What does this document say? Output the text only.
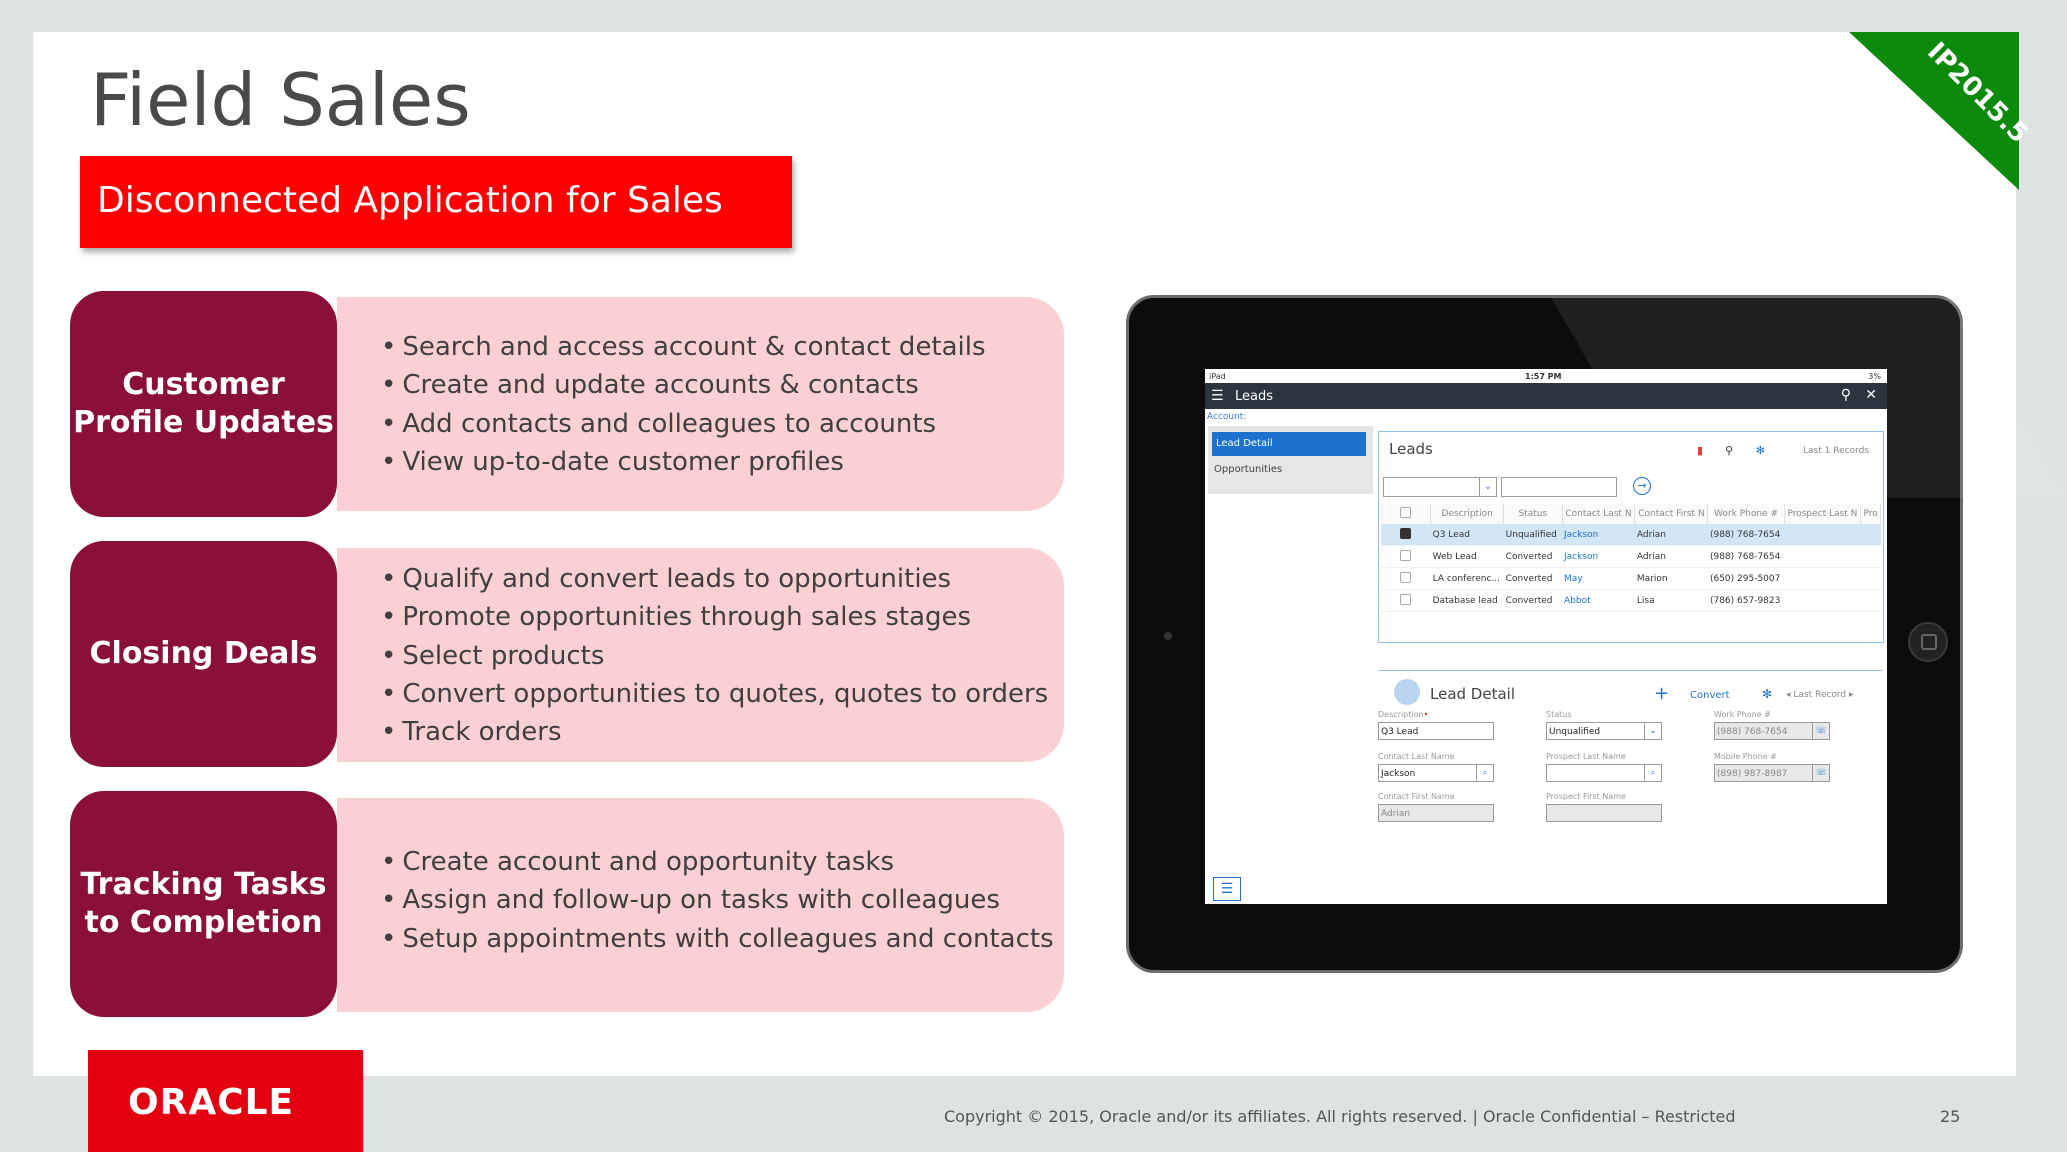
Field Sales
Disconnected Application for Sales
IP2015.5
• Search and access account & contact details
• Create and update accounts & contacts
• Add contacts and colleagues to accounts
• View up-to-date customer profiles
Customer
Profile Updates
• Qualify and convert leads to opportunities
• Promote opportunities through sales stages
• Select products
• Convert opportunities to quotes, quotes to orders
• Track orders
Closing Deals
• Create account and opportunity tasks
• Assign and follow-up on tasks with colleagues
• Setup appointments with colleagues and contacts
Tracking Tasks
to Completion
iPad	1:57 PM	3%
☰ Leads	⚲ ✕
Account:
Lead Detail
Opportunities
Leads	▮ ⚲ ✻	Last 1 Records
⌄	→
	Description	Status	Contact Last N	Contact First N	Work Phone #	Prospect Last N	Pro
	Q3 Lead	Unqualified	Jackson	Adrian	(988) 768-7654		
	Web Lead	Converted	Jackson	Adrian	(988) 768-7654		
	LA conferenc...	Converted	May	Marion	(650) 295-5007		
	Database lead	Converted	Abbot	Lisa	(786) 657-9823		
Lead Detail	+ Convert	✻ ◂ Last Record ▸
Description•
Q3 Lead
Status
Unqualified	⌄
Work Phone #
(988) 768-7654	☏
Contact Last Name
Jackson	⌕
Prospect Last Name
⌕
Mobile Phone #
(898) 987-8987	☏
Contact First Name
Adrian
Prospect First Name
☰
ORACLE	Copyright © 2015, Oracle and/or its affiliates. All rights reserved. | Oracle Confidential – Restricted	25
